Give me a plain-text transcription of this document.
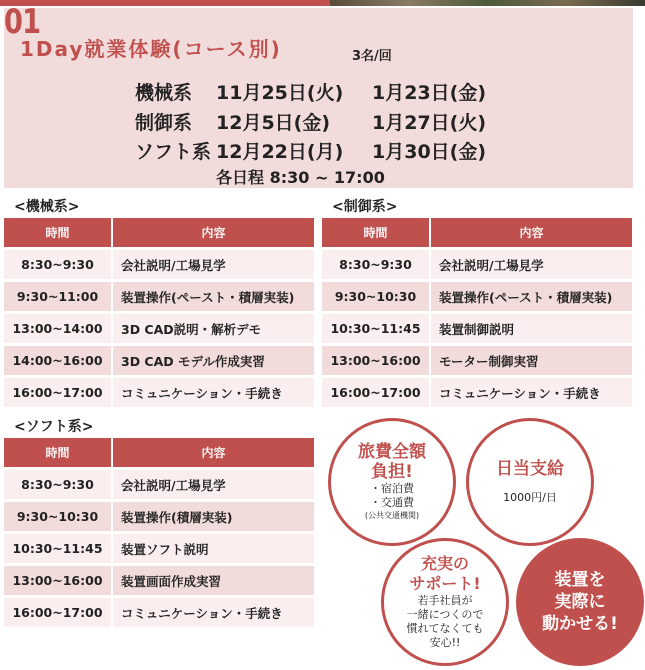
01
1Day就業体験(コース別)	3名/回
機械系 11月25日(火) 1月23日(金)
制御系 12月5日(金) 1月27日(火)
ソフト系 12月22日(月) 1月30日(金)
各日程 8:30 ~ 17:00
<機械系>
時間	内容
8:30~9:30	会社説明/工場見学
9:30~11:00	装置操作(ペースト・積層実装)
13:00~14:00	3D CAD説明・解析デモ
14:00~16:00	3D CAD モデル作成実習
16:00~17:00	コミュニケーション・手続き
<制御系>
時間	内容
8:30~9:30	会社説明/工場見学
9:30~10:30	装置操作(ペースト・積層実装)
10:30~11:45	装置制御説明
13:00~16:00	モーター制御実習
16:00~17:00	コミュニケーション・手続き
<ソフト系>
時間	内容
8:30~9:30	会社説明/工場見学
9:30~10:30	装置操作(積層実装)
10:30~11:45	装置ソフト説明
13:00~16:00	装置画面作成実習
16:00~17:00	コミュニケーション・手続き
旅費全額
負担!
・宿泊費
・交通費
(公共交通機関)
日当支給
1000円/日
充実の
サポート!
若手社員が
一緒につくので
慣れてなくても
安心!!
装置を
実際に
動かせる!
